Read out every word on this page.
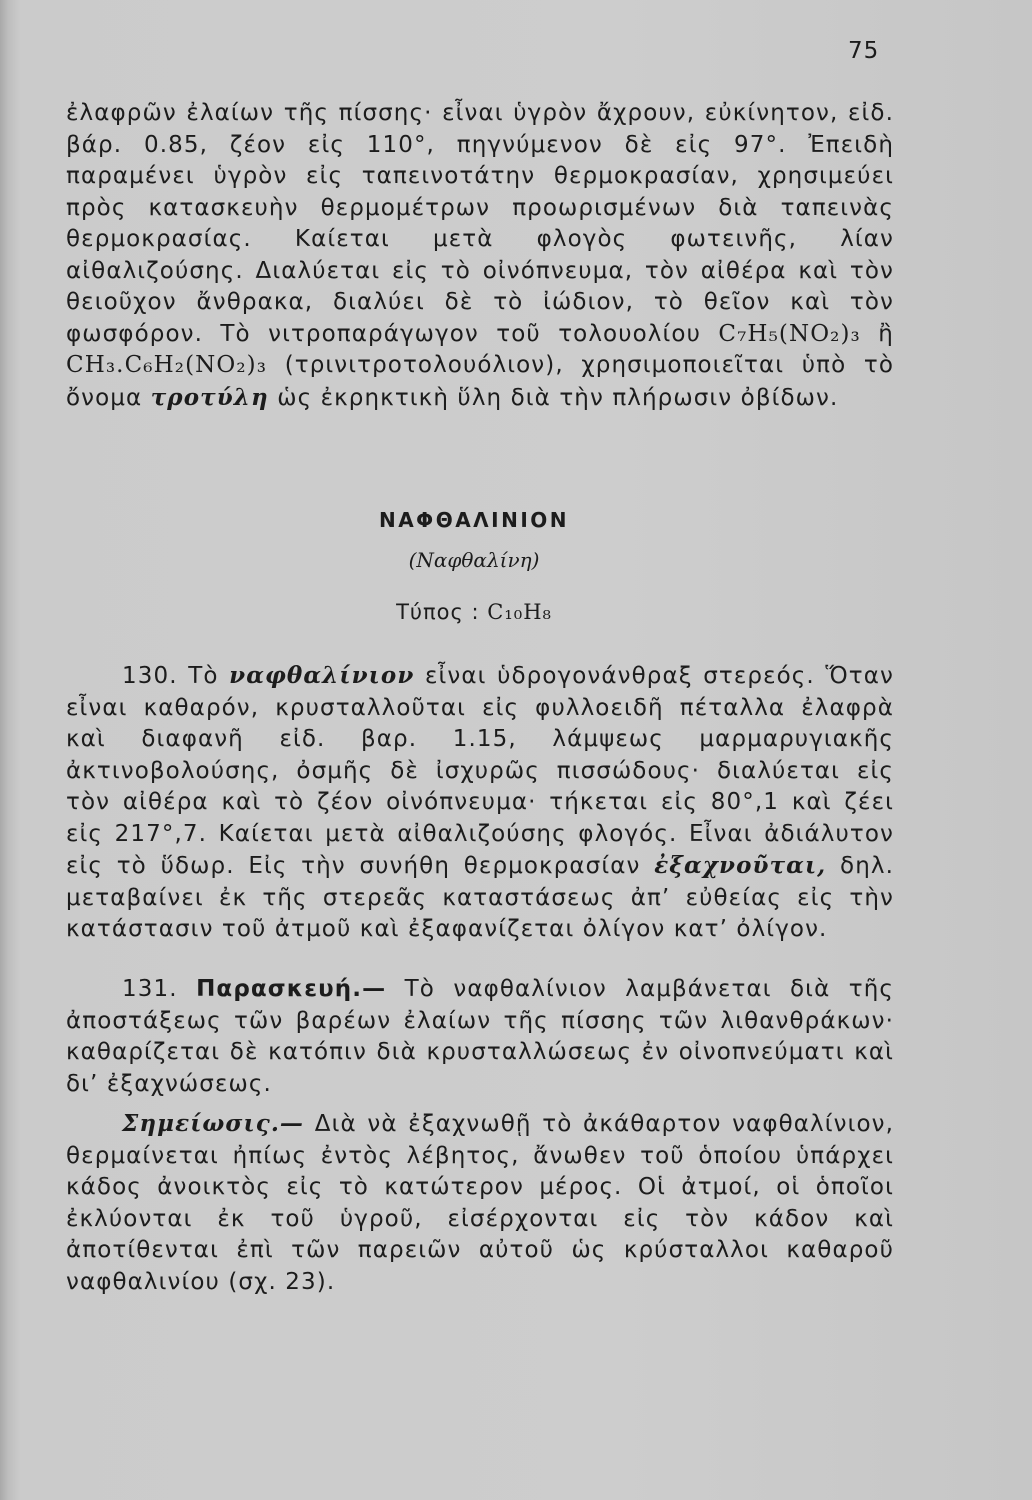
75
ἐλαφρῶν ἐλαίων τῆς πίσσης· εἶναι ὑγρὸν ἄχρουν, εὐκίνητον, εἰδ. βάρ. 0.85, ζέον εἰς 110°, πηγνύμενον δὲ εἰς 97°. Ἐπειδὴ παραμένει ὑγρὸν εἰς ταπεινοτάτην θερμοκρασίαν, χρησιμεύει πρὸς κατασκευὴν θερμομέτρων προωρισμένων διὰ ταπεινὰς θερμοκρασίας. Καίεται μετὰ φλογὸς φωτεινῆς, λίαν αἰθαλιζούσης. Διαλύεται εἰς τὸ οἰνόπνευμα, τὸν αἰθέρα καὶ τὸν θειοῦχον ἄνθρακα, διαλύει δὲ τὸ ἰώδιον, τὸ θεῖον καὶ τὸν φωσφόρον. Τὸ νιτροπαράγωγον τοῦ τολουολίου C₇H₅(NO₂)₃ ἢ CH₃.C₆H₂(NO₂)₃ (τρινιτροτολουόλιον), χρησιμοποιεῖται ὑπὸ τὸ ὄνομα τροτύλη ὡς ἐκρηκτικὴ ὕλη διὰ τὴν πλήρωσιν ὀβίδων.
ΝΑΦΘΑΛΙΝΙΟΝ
(Ναφθαλίνη)
Τύπος : C₁₀H₈
130. Τὸ ναφθαλίνιον εἶναι ὑδρογονάνθραξ στερεός. Ὅταν εἶναι καθαρόν, κρυσταλλοῦται εἰς φυλλοειδῆ πέταλλα ἐλαφρὰ καὶ διαφανῆ εἰδ. βαρ. 1.15, λάμψεως μαρμαρυγιακῆς ἀκτινοβολούσης, ὀσμῆς δὲ ἰσχυρῶς πισσώδους· διαλύεται εἰς τὸν αἰθέρα καὶ τὸ ζέον οἰνόπνευμα· τήκεται εἰς 80°,1 καὶ ζέει εἰς 217°,7. Καίεται μετὰ αἰθαλιζούσης φλογός. Εἶναι ἀδιάλυτον εἰς τὸ ὕδωρ. Εἰς τὴν συνήθη θερμοκρασίαν ἐξαχνοῦται, δηλ. μεταβαίνει ἐκ τῆς στερεᾶς καταστάσεως ἀπ’ εὐθείας εἰς τὴν κατάστασιν τοῦ ἀτμοῦ καὶ ἐξαφανίζεται ὀλίγον κατ’ ὀλίγον.
131. Παρασκευή.— Τὸ ναφθαλίνιον λαμβάνεται διὰ τῆς ἀποστάξεως τῶν βαρέων ἐλαίων τῆς πίσσης τῶν λιθανθράκων· καθαρίζεται δὲ κατόπιν διὰ κρυσταλλώσεως ἐν οἰνοπνεύματι καὶ δι’ ἐξαχνώσεως.
Σημείωσις.— Διὰ νὰ ἐξαχνωθῇ τὸ ἀκάθαρτον ναφθαλίνιον, θερμαίνεται ἠπίως ἐντὸς λέβητος, ἄνωθεν τοῦ ὁποίου ὑπάρχει κάδος ἀνοικτὸς εἰς τὸ κατώτερον μέρος. Οἱ ἀτμοί, οἱ ὁποῖοι ἐκλύονται ἐκ τοῦ ὑγροῦ, εἰσέρχονται εἰς τὸν κάδον καὶ ἀποτίθενται ἐπὶ τῶν παρειῶν αὐτοῦ ὡς κρύσταλλοι καθαροῦ ναφθαλινίου (σχ. 23).
